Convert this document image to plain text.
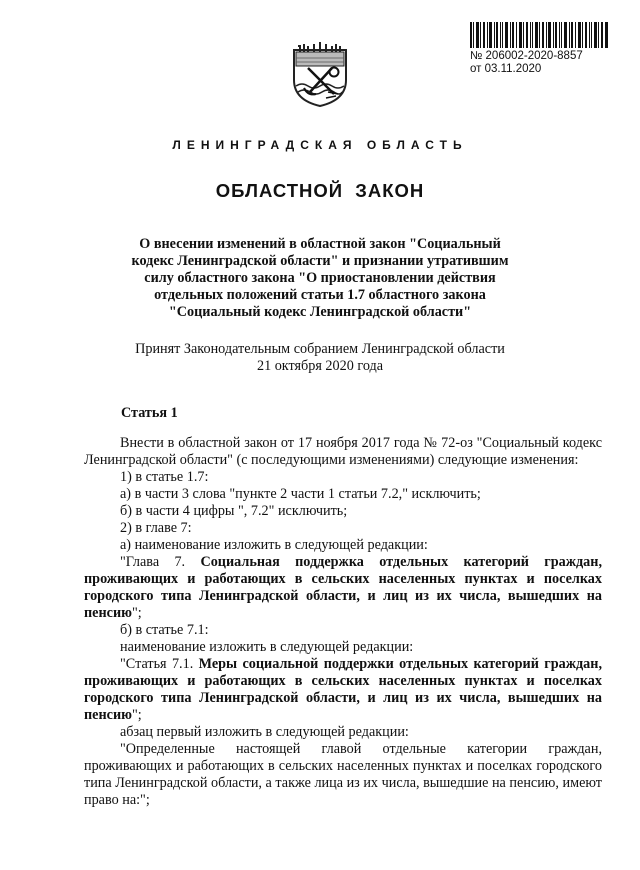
№ 206002-2020-8857
от 03.11.2020
ЛЕНИНГРАДСКАЯ ОБЛАСТЬ
ОБЛАСТНОЙ ЗАКОН
О внесении изменений в областной закон "Социальный
кодекс Ленинградской области" и признании утратившим
силу областного закона "О приостановлении действия
отдельных положений статьи 1.7 областного закона
"Социальный кодекс Ленинградской области"
Принят Законодательным собранием Ленинградской области
21 октября 2020 года
Статья 1

Внести в областной закон от 17 ноября 2017 года № 72-оз "Социальный кодекс Ленинградской области" (с последующими изменениями) следующие изменения:

1) в статье 1.7:

а) в части 3 слова "пункте 2 части 1 статьи 7.2," исключить;

б) в части 4 цифры ", 7.2" исключить;

2) в главе 7:

а) наименование изложить в следующей редакции:

"Глава 7. Социальная поддержка отдельных категорий граждан, проживающих и работающих в сельских населенных пунктах и поселках городского типа Ленинградской области, и лиц из их числа, вышедших на пенсию";

б) в статье 7.1:

наименование изложить в следующей редакции:

"Статья 7.1. Меры социальной поддержки отдельных категорий граждан, проживающих и работающих в сельских населенных пунктах и поселках городского типа Ленинградской области, и лиц из их числа, вышедших на пенсию";

абзац первый изложить в следующей редакции:

"Определенные настоящей главой отдельные категории граждан, проживающих и работающих в сельских населенных пунктах и поселках городского типа Ленинградской области, а также лица из их числа, вышедшие на пенсию, имеют право на:";
